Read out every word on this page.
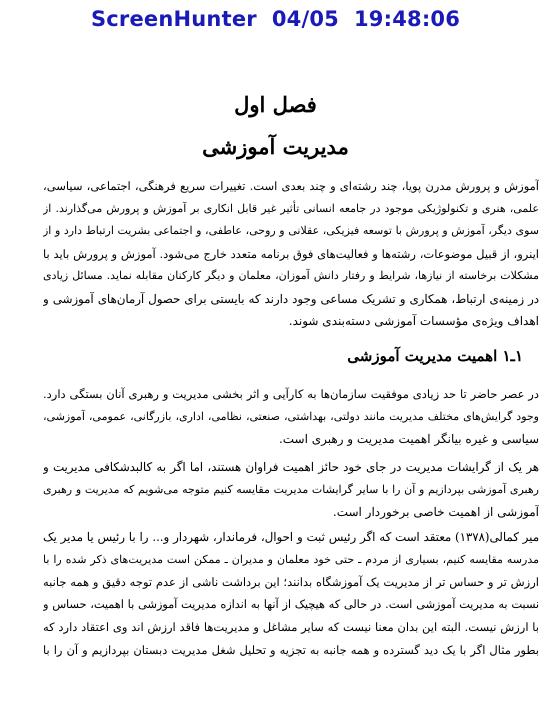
ScreenHunter  04/05  19:48:06
فصل اول
مدیریت آموزشی
آموزش و پرورش مدرن پویا، چند رشته‌ای و چند بعدی است. تغییرات سریع فرهنگی، اجتماعی، سیاسی،
علمی، هنری و تکنولوژیکی موجود در جامعه انسانی تأثیر غیر قابل انکاری بر آموزش و پرورش می‌گذارند. از
سوی دیگر، آموزش و پرورش با توسعه فیزیکی، عقلانی و روحی، عاطفی، و اجتماعی بشریت ارتباط دارد و از
اینرو، از قبیل موضوعات، رشته‌ها و فعالیت‌های فوق برنامه متعدد خارج می‌شود. آموزش و پرورش باید با
مشکلات برخاسته از نیازها، شرایط و رفتار دانش آموزان، معلمان و دیگر کارکنان مقابله نماید. مسائل زیادی
در زمینه‌ی ارتباط، همکاری و تشریک مساعی وجود دارند که بایستی برای حصول آرمان‌های آموزشی و
اهداف ویژه‌ی مؤسسات آموزشی دسته‌بندی شوند.
۱ـ۱ اهمیت مدیریت آموزشی
در عصر حاضر تا حد زیادی موفقیت سازمان‌ها به کارآیی و اثر بخشی مدیریت و رهبری آنان بستگی دارد.
وجود گرایش‌های مختلف مدیریت مانند دولتی، بهداشتی، صنعتی، نظامی، اداری، بازرگانی، عمومی، آموزشی،
سیاسی و غیره بیانگر اهمیت مدیریت و رهبری است.
هر یک از گرایشات مدیریت در جای خود حائز اهمیت فراوان هستند، اما اگر به کالبدشکافی مدیریت و
رهبری آموزشی بپردازیم و آن را با سایر گرایشات مدیریت مقایسه کنیم متوجه می‌شویم که مدیریت و رهبری
آموزشی از اهمیت خاصی برخوردار است.
میر کمالی(۱۳۷۸) معتقد است که اگر رئیس ثبت و احوال، فرماندار، شهردار و... را با رئیس یا مدیر یک
مدرسه مقایسه کنیم، بسیاری از مردم ـ حتی خود معلمان و مدیران ـ ممکن است مدیریت‌های ذکر شده را با
ارزش تر و حساس تر از مدیریت یک آموزشگاه بدانند؛ این برداشت ناشی از عدم توجه دقیق و همه جانبه
نسبت به مدیریت آموزشی است. در حالی که هیچیک از آنها به اندازه مدیریت آموزشی با اهمیت، حساس و
با ارزش نیست. البته این بدان معنا نیست که سایر مشاغل و مدیریت‌ها فاقد ارزش اند وی اعتقاد دارد که
بطور مثال اگر با یک دید گسترده و همه جانبه به تجزیه و تحلیل شغل مدیریت دبستان بپردازیم و آن را با
